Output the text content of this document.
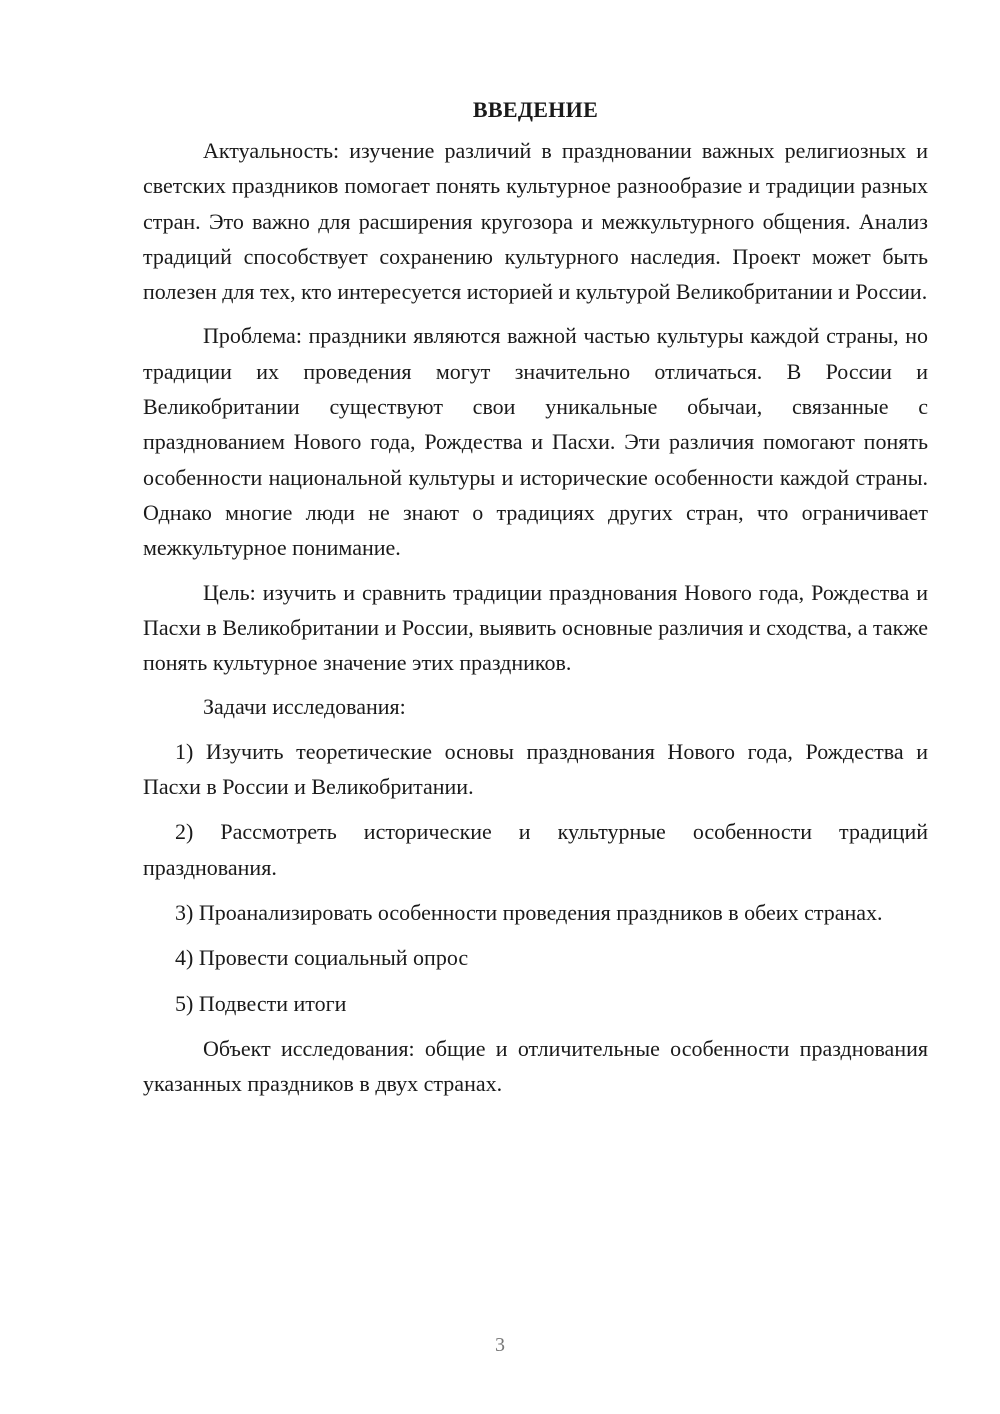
ВВЕДЕНИЕ

Актуальность: изучение различий в праздновании важных религиозных и светских праздников помогает понять культурное разнообразие и традиции разных стран. Это важно для расширения кругозора и межкультурного общения. Анализ традиций способствует сохранению культурного наследия. Проект может быть полезен для тех, кто интересуется историей и культурой Великобритании и России.

Проблема: праздники являются важной частью культуры каждой страны, но традиции их проведения могут значительно отличаться. В России и Великобритании существуют свои уникальные обычаи, связанные с празднованием Нового года, Рождества и Пасхи. Эти различия помогают понять особенности национальной культуры и исторические особенности каждой страны. Однако многие люди не знают о традициях других стран, что ограничивает межкультурное понимание.

Цель: изучить и сравнить традиции празднования Нового года, Рождества и Пасхи в Великобритании и России, выявить основные различия и сходства, а также понять культурное значение этих праздников.

Задачи исследования:

1) Изучить теоретические основы празднования Нового года, Рождества и Пасхи в России и Великобритании.

2) Рассмотреть исторические и культурные особенности традиций празднования.

3) Проанализировать особенности проведения праздников в обеих странах.

4) Провести социальный опрос

5) Подвести итоги

Объект исследования: общие и отличительные особенности празднования указанных праздников в двух странах.

3
